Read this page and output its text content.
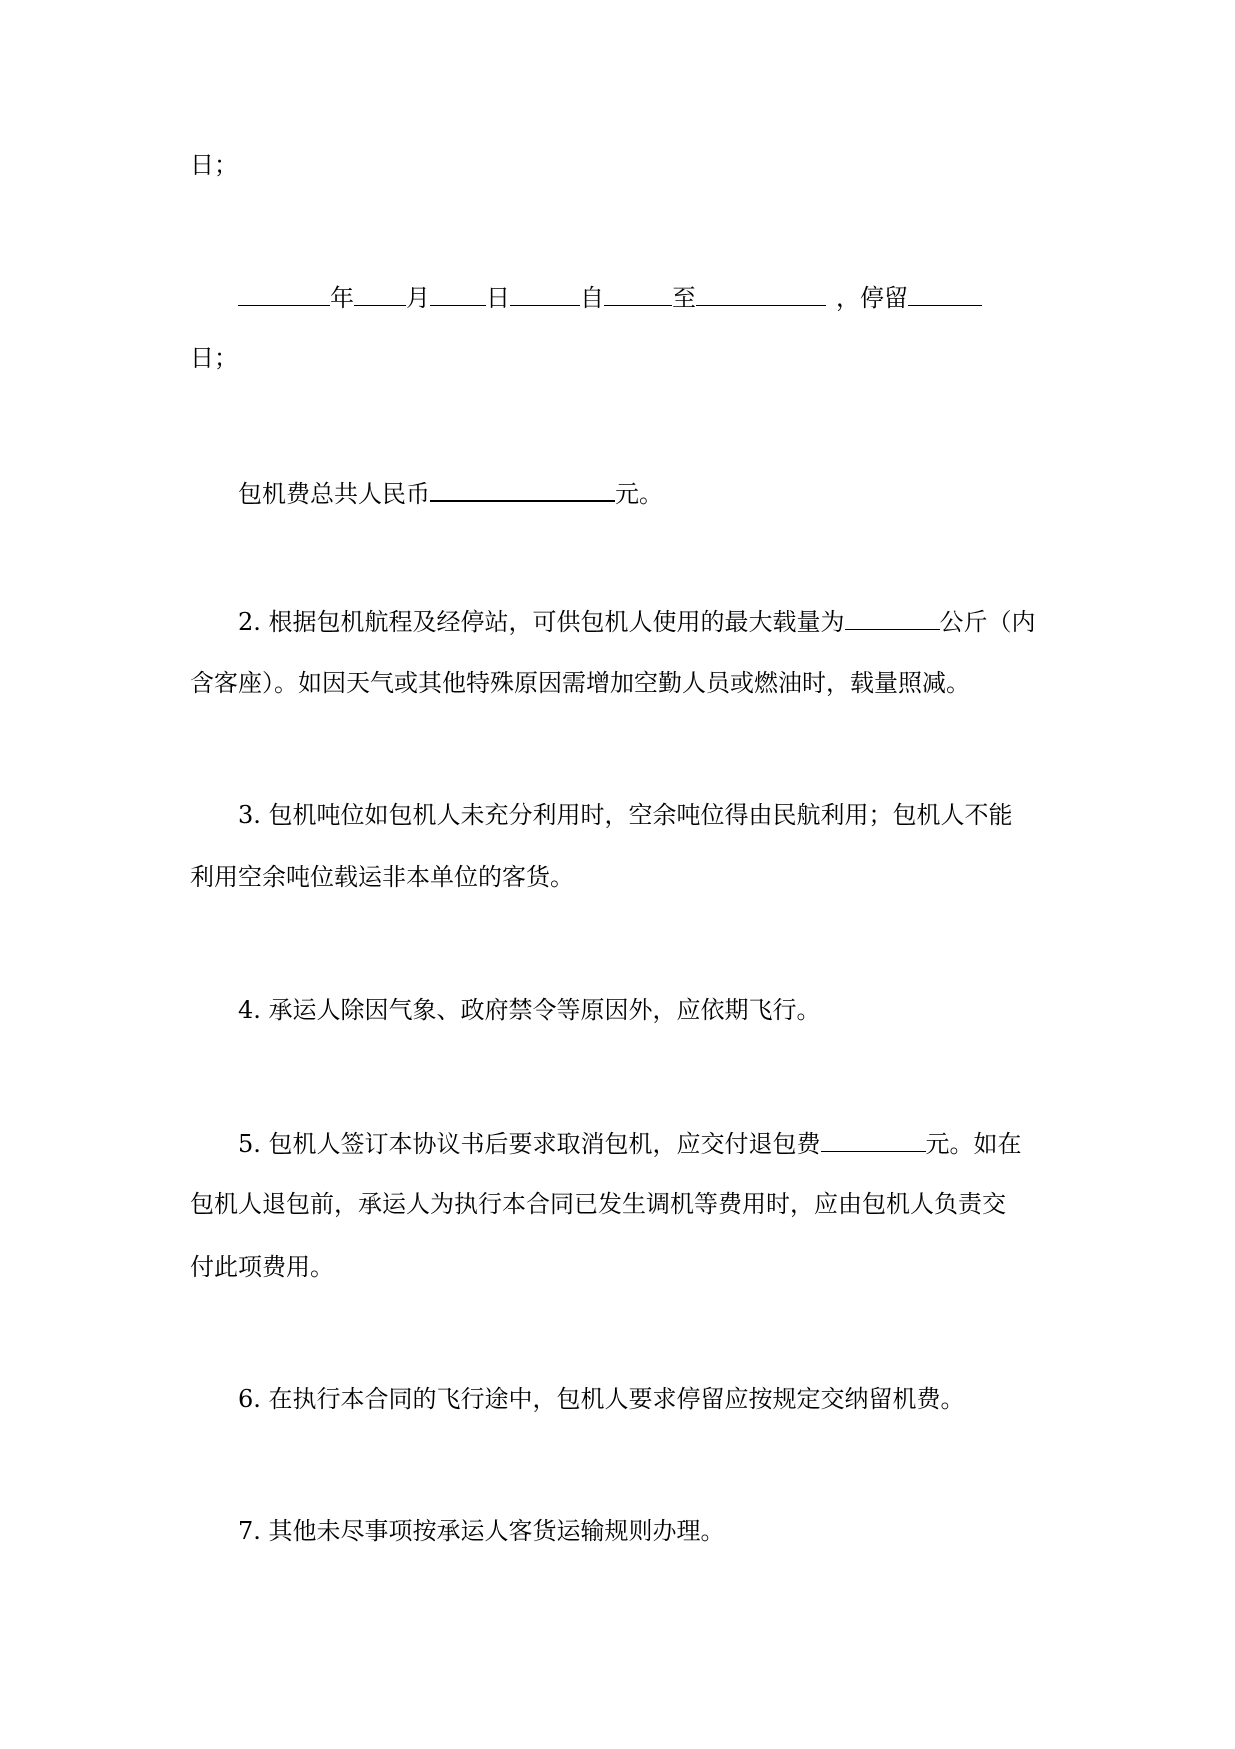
日；
年 月 日	自	至	，停留
日；
包机费总共人民币	元。
2. 根据包机航程及经停站，可供包机人使用的最大载量为	公斤（内
含客座）。如因天气或其他特殊原因需增加空勤人员或燃油时，载量照减。
3. 包机吨位如包机人未充分利用时，空余吨位得由民航利用；包机人不能
利用空余吨位载运非本单位的客货。
4. 承运人除因气象、政府禁令等原因外，应依期飞行。
5. 包机人签订本协议书后要求取消包机，应交付退包费	元。如在
包机人退包前，承运人为执行本合同已发生调机等费用时，应由包机人负责交
付此项费用。
6. 在执行本合同的飞行途中，包机人要求停留应按规定交纳留机费。
7. 其他未尽事项按承运人客货运输规则办理。
